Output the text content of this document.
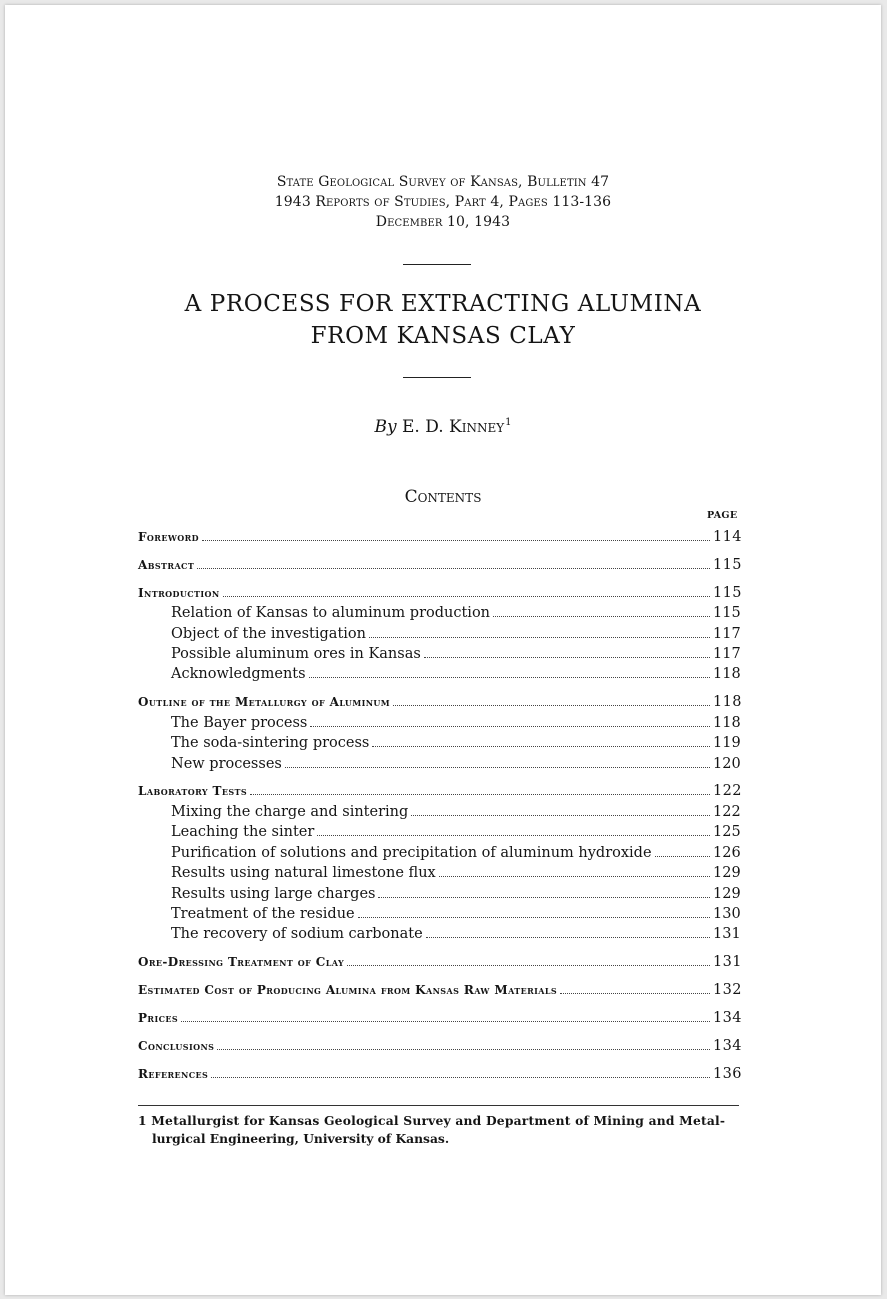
State Geological Survey of Kansas, Bulletin 47
1943 Reports of Studies, Part 4, Pages 113-136
December 10, 1943
A PROCESS FOR EXTRACTING ALUMINA
FROM KANSAS CLAY
By E. D. Kinney$^1$
Contents
PAGE
Foreword	114
Abstract	115
Introduction	115
Relation of Kansas to aluminum production	115
Object of the investigation	117
Possible aluminum ores in Kansas	117
Acknowledgments	118
Outline of the Metallurgy of Aluminum	118
The Bayer process	118
The soda-sintering process	119
New processes	120
Laboratory Tests	122
Mixing the charge and sintering	122
Leaching the sinter	125
Purification of solutions and precipitation of aluminum hydroxide	126
Results using natural limestone flux	129
Results using large charges	129
Treatment of the residue	130
The recovery of sodium carbonate	131
Ore-Dressing Treatment of Clay	131
Estimated Cost of Producing Alumina from Kansas Raw Materials	132
Prices	134
Conclusions	134
References	136
1 Metallurgist for Kansas Geological Survey and Department of Mining and Metal-
lurgical Engineering, University of Kansas.
